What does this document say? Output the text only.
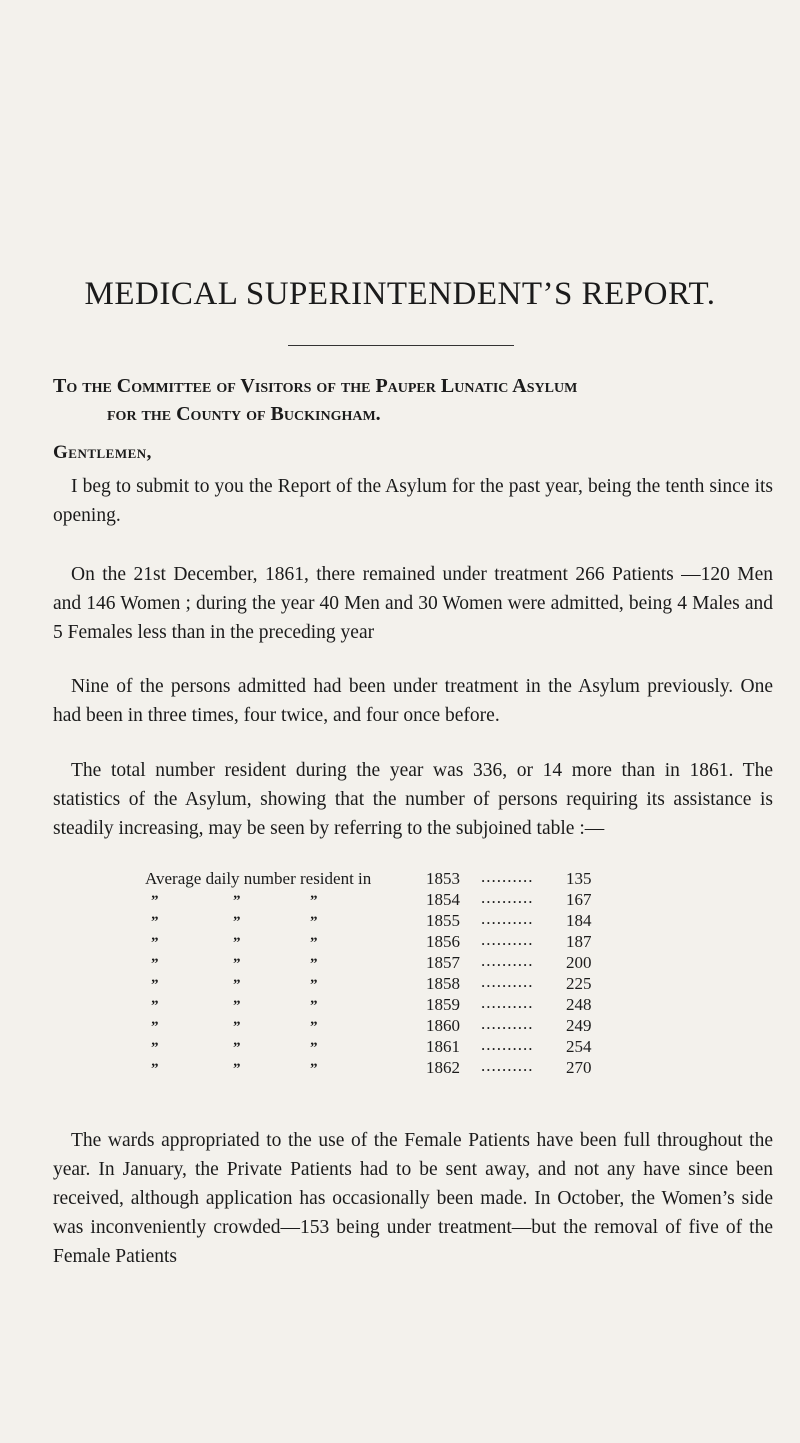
MEDICAL SUPERINTENDENT’S REPORT.
To the Committee of Visitors of the Pauper Lunatic Asylum
for the County of Buckingham.
Gentlemen,

I beg to submit to you the Report of the Asylum for the past year, being the tenth since its opening.

On the 21st December, 1861, there remained under treatment 266 Patients —120 Men and 146 Women ; during the year 40 Men and 30 Women were admitted, being 4 Males and 5 Females less than in the preceding year

Nine of the persons admitted had been under treatment in the Asylum previously. One had been in three times, four twice, and four once before.

The total number resident during the year was 336, or 14 more than in 1861. The statistics of the Asylum, showing that the number of persons requiring its assistance is steadily increasing, may be seen by referring to the subjoined table :—

Average daily number resident in	1853 .......... 135
”	”	”	1854 .......... 167
”	”	”	1855 .......... 184
”	”	”	1856 .......... 187
”	”	”	1857 .......... 200
”	”	”	1858 .......... 225
”	”	”	1859 .......... 248
”	”	”	1860 .......... 249
”	”	”	1861 .......... 254
”	”	”	1862 .......... 270

The wards appropriated to the use of the Female Patients have been full throughout the year. In January, the Private Patients had to be sent away, and not any have since been received, although application has occasionally been made. In October, the Women’s side was inconveniently crowded—153 being under treatment—but the removal of five of the Female Patients
